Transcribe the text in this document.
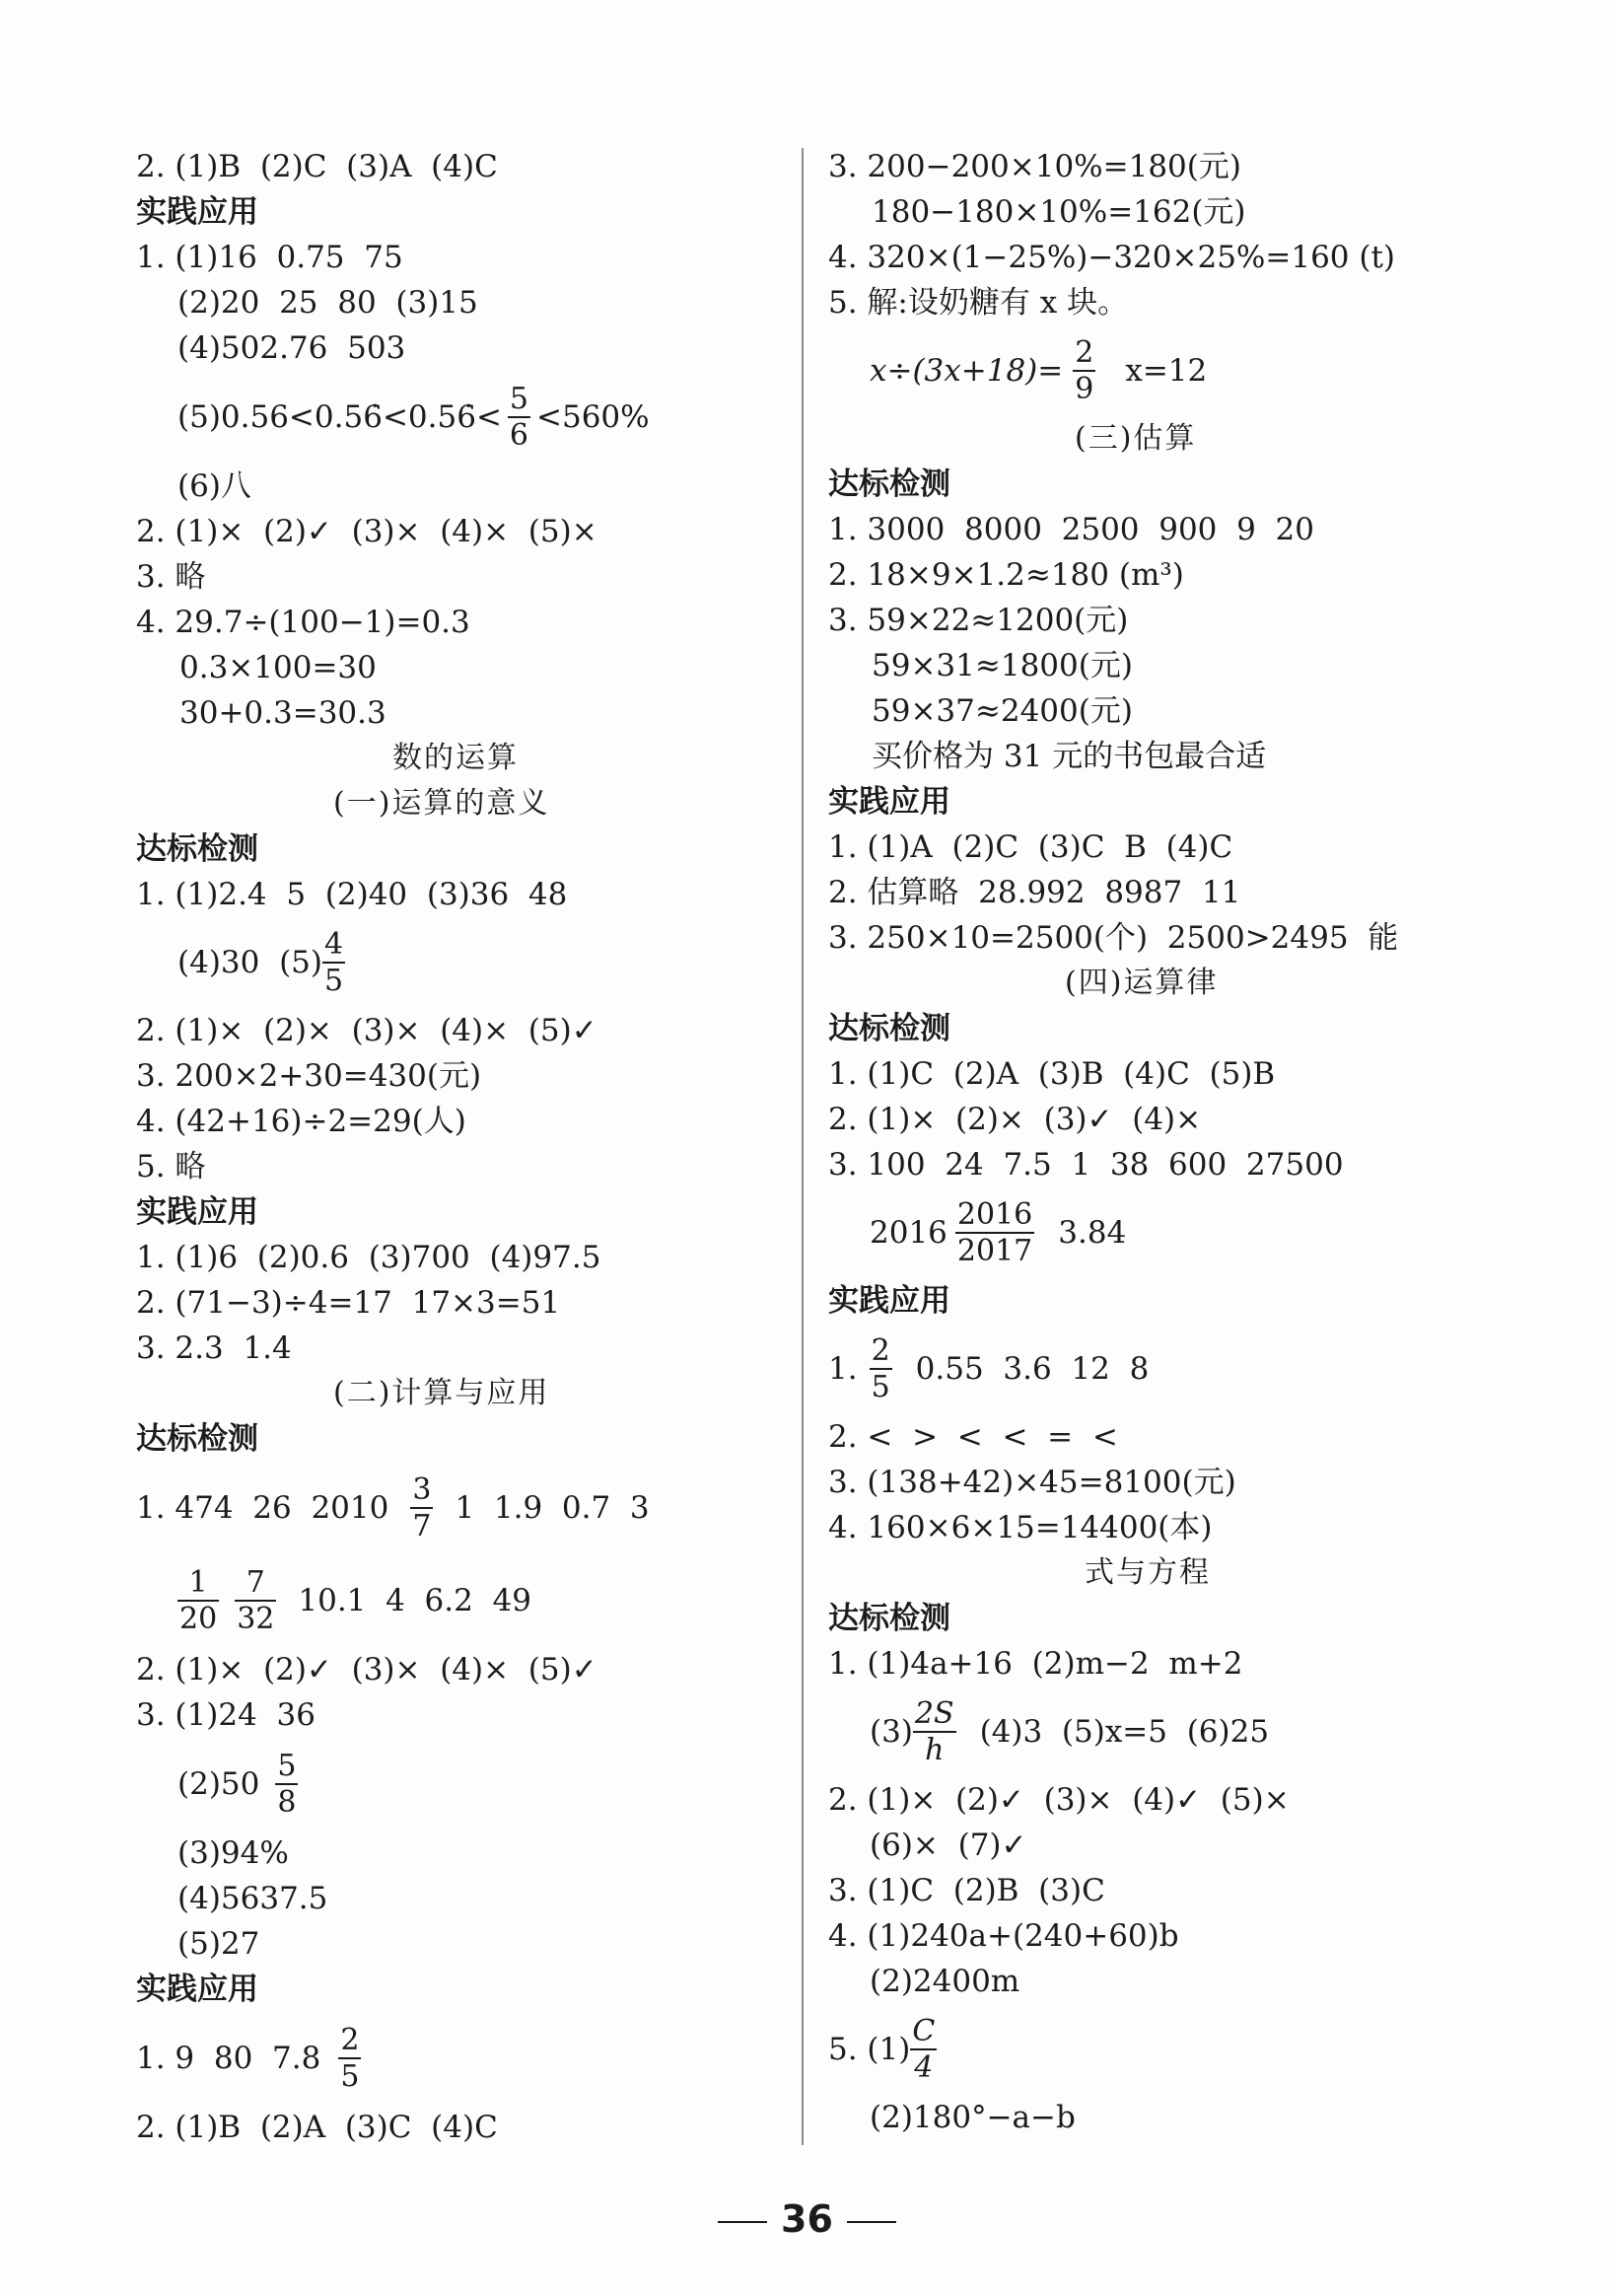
2. (1)B  (2)C  (3)A  (4)C
实践应用
1. (1)16  0.75  75
(2)20  25  80  (3)15
(4)502.76  503
(5)0.56<0.5 6̇<0.5 6̇< $\frac{5}{6} <560\%$
(6)八
2. (1)×  (2)✓  (3)×  (4)×  (5)×
3. 略
4. 29.7÷(100−1)=0.3
0.3×100=30
30+0.3=30.3
数的运算
(一)运算的意义
达标检测
1. (1)2.4  5  (2)40  (3)36  48
(4)30  $(5) \frac{4}{5}$
2. (1)×  (2)×  (3)×  (4)×  (5)✓
3. 200×2+30=430(元)
4. (42+16)÷2=29(人)
5. 略
实践应用
1. (1)6  (2)0.6  (3)700  (4)97.5
2. (71−3)÷4=17  17×3=51
3. 2.3  1.4
(二)计算与应用
达标检测
1. 474  26  $2010 \frac{3}{7} 1$  1.9  0.7  3
$\frac{1}{20} \frac{7}{32} 10.1$  4  6.2  49
2. (1)×  (2)✓  (3)×  (4)×  (5)✓
3. (1)24  36
$(2)50 \frac{5}{8}$
(3)94%
(4)5637.5
(5)27
实践应用
1. 9  80  $7.8 \frac{2}{5}$
2. (1)B  (2)A  (3)C  (4)C
3. 200−200×10%=180(元)
180−180×10%=162(元)
4. 320×(1−25%)−320×25%=160 (t)
5. 解:设奶糖有 x 块。
$x\div(3x+18)= \frac{2}{9} x=12$
(三)估算
达标检测
1. 3000  8000  2500  900  9  20
2. 18×9×1.2≈180 (m³)
3. 59×22≈1200(元)
59×31≈1800(元)
59×37≈2400(元)
买价格为 31 元的书包最合适
实践应用
1. (1)A  (2)C  (3)C  B  (4)C
2. 估算略  28.992  8987  11
3. 250×10=2500(个)  2500>2495  能
(四)运算律
达标检测
1. (1)C  (2)A  (3)B  (4)C  (5)B
2. (1)×  (2)×  (3)✓  (4)×
3. 100  24  7.5  1  38  600  27500
$2016 \frac{2016}{2017} 3.84$
实践应用
1. $\frac{2}{5} 0.55$  3.6  12  8
2. <  >  <  <  =  <
3. (138+42)×45=8100(元)
4. 160×6×15=14400(本)
式与方程
达标检测
1. (1)4a+16  (2)m−2  m+2
$(3) \frac{2S}{h} (4)3$  (5)x=5  (6)25
2. (1)×  (2)✓  (3)×  (4)✓  (5)×
(6)×  (7)✓
3. (1)C  (2)B  (3)C
4. (1)240a+(240+60)b
(2)2400m
5. $(1) \frac{C}{4}$
(2)180°−a−b
36
